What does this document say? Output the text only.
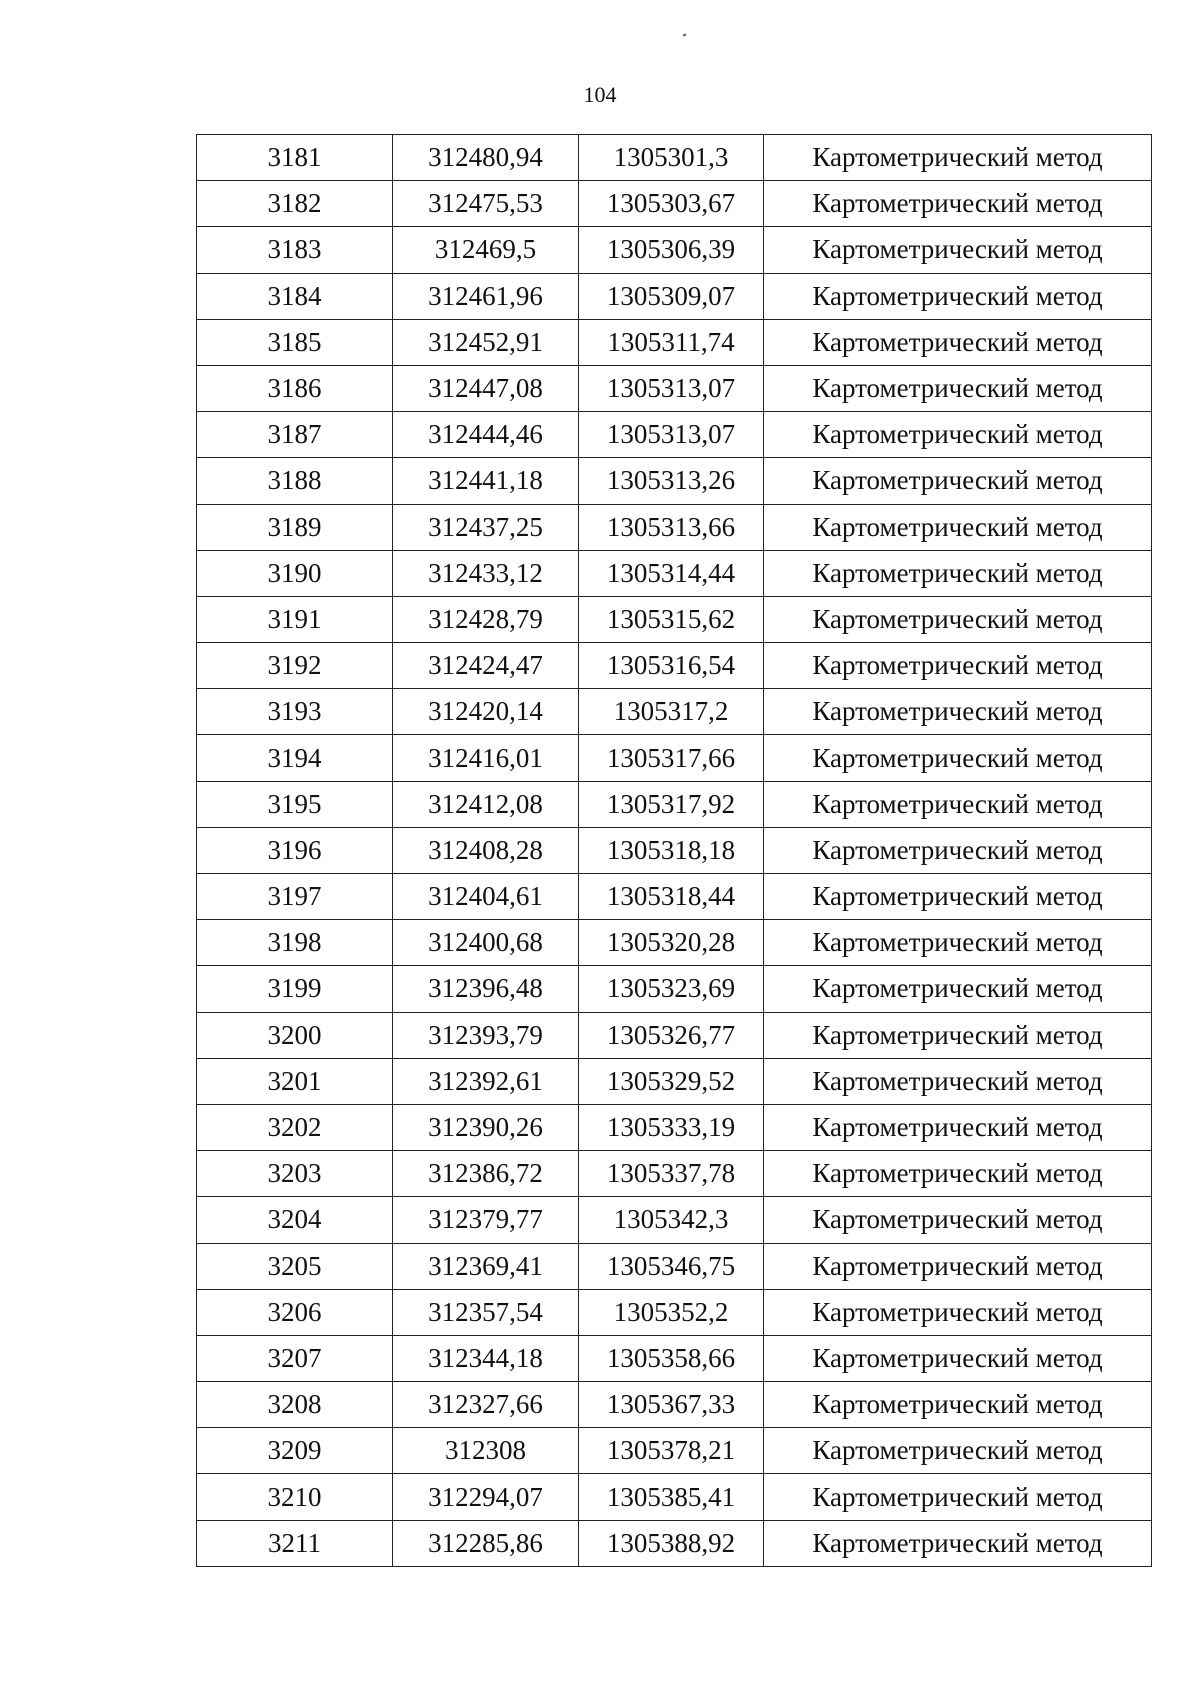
104
3181	312480,94	1305301,3	Картометрический метод
3182	312475,53	1305303,67	Картометрический метод
3183	312469,5	1305306,39	Картометрический метод
3184	312461,96	1305309,07	Картометрический метод
3185	312452,91	1305311,74	Картометрический метод
3186	312447,08	1305313,07	Картометрический метод
3187	312444,46	1305313,07	Картометрический метод
3188	312441,18	1305313,26	Картометрический метод
3189	312437,25	1305313,66	Картометрический метод
3190	312433,12	1305314,44	Картометрический метод
3191	312428,79	1305315,62	Картометрический метод
3192	312424,47	1305316,54	Картометрический метод
3193	312420,14	1305317,2	Картометрический метод
3194	312416,01	1305317,66	Картометрический метод
3195	312412,08	1305317,92	Картометрический метод
3196	312408,28	1305318,18	Картометрический метод
3197	312404,61	1305318,44	Картометрический метод
3198	312400,68	1305320,28	Картометрический метод
3199	312396,48	1305323,69	Картометрический метод
3200	312393,79	1305326,77	Картометрический метод
3201	312392,61	1305329,52	Картометрический метод
3202	312390,26	1305333,19	Картометрический метод
3203	312386,72	1305337,78	Картометрический метод
3204	312379,77	1305342,3	Картометрический метод
3205	312369,41	1305346,75	Картометрический метод
3206	312357,54	1305352,2	Картометрический метод
3207	312344,18	1305358,66	Картометрический метод
3208	312327,66	1305367,33	Картометрический метод
3209	312308	1305378,21	Картометрический метод
3210	312294,07	1305385,41	Картометрический метод
3211	312285,86	1305388,92	Картометрический метод
